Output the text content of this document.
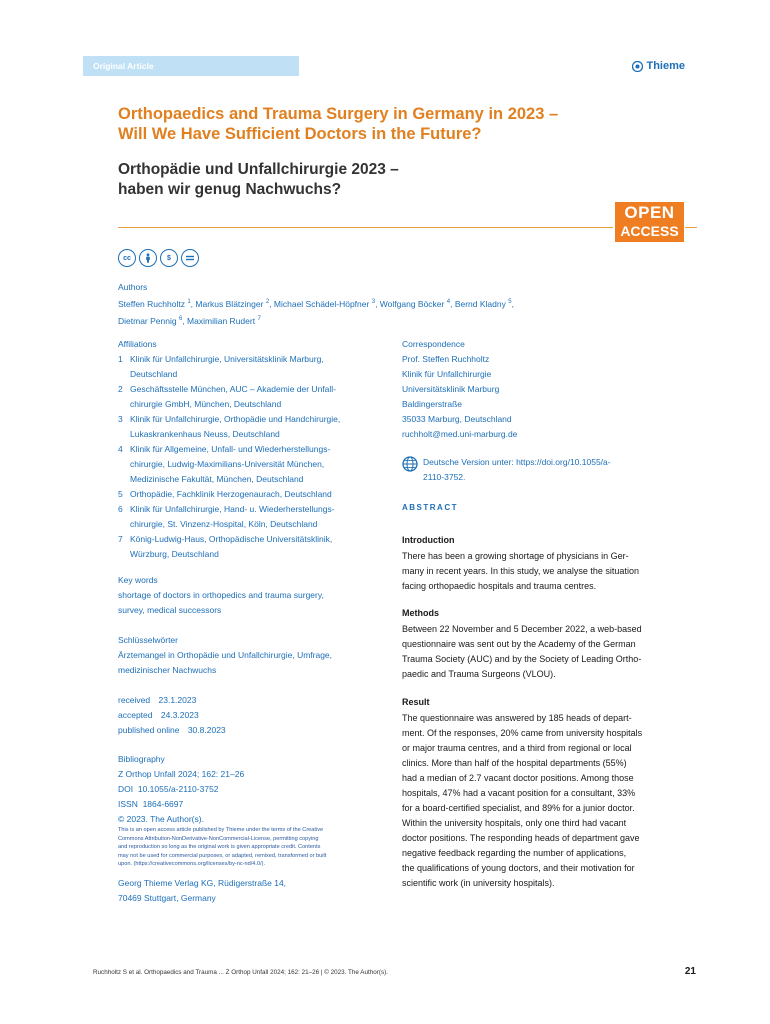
Original Article	Thieme
Orthopaedics and Trauma Surgery in Germany in 2023 –
Will We Have Sufficient Doctors in the Future?
Orthopädie und Unfallchirurgie 2023 –
haben wir genug Nachwuchs?
OPEN
ACCESS
cc	$
Authors
Steffen Ruchholtz $^1$, Markus Blätzinger $^2$, Michael Schädel-Höpfner $^3$, Wolfgang Böcker $^4$, Bernd Kladny $^5$,
Dietmar Pennig $^6$, Maximilian Rudert $^7$
Affiliations
1 Klinik für Unfallchirurgie, Universitätsklinik Marburg,
Deutschland
2 Geschäftsstelle München, AUC – Akademie der Unfall-
chirurgie GmbH, München, Deutschland
3 Klinik für Unfallchirurgie, Orthopädie und Handchirurgie,
Lukaskrankenhaus Neuss, Deutschland
4 Klinik für Allgemeine, Unfall- und Wiederherstellungs-
chirurgie, Ludwig-Maximilians-Universität München,
Medizinische Fakultät, München, Deutschland
5 Orthopädie, Fachklinik Herzogenaurach, Deutschland
6 Klinik für Unfallchirurgie, Hand- u. Wiederherstellungs-
chirurgie, St. Vinzenz-Hospital, Köln, Deutschland
7 König-Ludwig-Haus, Orthopädische Universitätsklinik,
Würzburg, Deutschland
Key words
shortage of doctors in orthopedics and trauma surgery,
survey, medical successors
Schlüsselwörter
Ärztemangel in Orthopädie und Unfallchirurgie, Umfrage,
medizinischer Nachwuchs
received 23.1.2023
accepted 24.3.2023
published online 30.8.2023
Bibliography
Z Orthop Unfall 2024; 162: 21–26
DOI 10.1055/a-2110-3752
ISSN 1864-6697
© 2023. The Author(s).
This is an open access article published by Thieme under the terms of the Creative
Commons Attribution-NonDerivative-NonCommercial-License, permitting copying
and reproduction so long as the original work is given appropriate credit. Contents
may not be used for commercial purposes, or adapted, remixed, transformed or built
upon. (https://creativecommons.org/licenses/by-nc-nd/4.0/).
Georg Thieme Verlag KG, Rüdigerstraße 14,
70469 Stuttgart, Germany
Correspondence
Prof. Steffen Ruchholtz
Klinik für Unfallchirurgie
Universitätsklinik Marburg
Baldingerstraße
35033 Marburg, Deutschland
ruchholt@med.uni-marburg.de
Deutsche Version unter: https://doi.org/10.1055/a-
2110-3752.
ABSTRACT
Introduction
There has been a growing shortage of physicians in Ger-
many in recent years. In this study, we analyse the situation
facing orthopaedic hospitals and trauma centres.
Methods
Between 22 November and 5 December 2022, a web-based
questionnaire was sent out by the Academy of the German
Trauma Society (AUC) and by the Society of Leading Ortho-
paedic and Trauma Surgeons (VLOU).
Result
The questionnaire was answered by 185 heads of depart-
ment. Of the responses, 20% came from university hospitals
or major trauma centres, and a third from regional or local
clinics. More than half of the hospital departments (55%)
had a median of 2.7 vacant doctor positions. Among those
hospitals, 47% had a vacant position for a consultant, 33%
for a board-certified specialist, and 89% for a junior doctor.
Within the university hospitals, only one third had vacant
doctor positions. The responding heads of department gave
negative feedback regarding the number of applications,
the qualifications of young doctors, and their motivation for
scientific work (in university hospitals).
Ruchholtz S et al. Orthopaedics and Trauma ... Z Orthop Unfall 2024; 162: 21–26 | © 2023. The Author(s).	21
